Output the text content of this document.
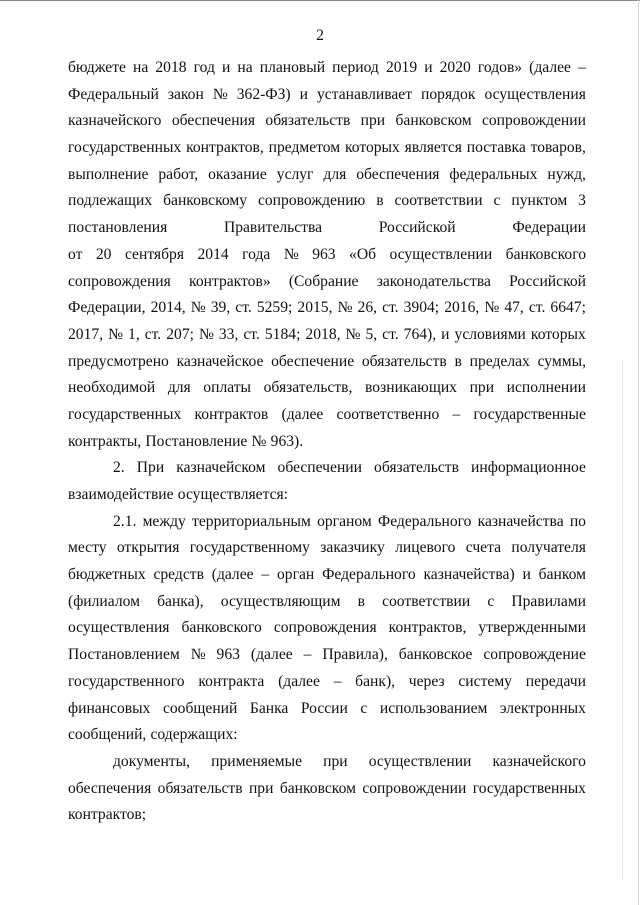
2
бюджете на 2018 год и на плановый период 2019 и 2020 годов» (далее –
Федеральный закон № 362-ФЗ) и устанавливает порядок осуществления
казначейского обеспечения обязательств при банковском сопровождении
государственных контрактов, предметом которых является поставка товаров,
выполнение работ, оказание услуг для обеспечения федеральных нужд,
подлежащих банковскому сопровождению в соответствии с пунктом 3
постановления	Правительства	Российской	Федерации
от 20 сентября 2014 года № 963 «Об осуществлении банковского
сопровождения контрактов» (Собрание законодательства Российской
Федерации, 2014, № 39, ст. 5259; 2015, № 26, ст. 3904; 2016, № 47, ст. 6647;
2017, № 1, ст. 207; № 33, ст. 5184; 2018, № 5, ст. 764), и условиями которых
предусмотрено казначейское обеспечение обязательств в пределах суммы,
необходимой для оплаты обязательств, возникающих при исполнении
государственных контрактов (далее соответственно – государственные
контракты, Постановление № 963).
2. При казначейском обеспечении обязательств информационное
взаимодействие осуществляется:
2.1. между территориальным органом Федерального казначейства по
месту открытия государственному заказчику лицевого счета получателя
бюджетных средств (далее – орган Федерального казначейства) и банком
(филиалом банка), осуществляющим в соответствии с Правилами
осуществления банковского сопровождения контрактов, утвержденными
Постановлением № 963 (далее – Правила), банковское сопровождение
государственного контракта (далее – банк), через систему передачи
финансовых сообщений Банка России с использованием электронных
сообщений, содержащих:
документы, применяемые при осуществлении казначейского
обеспечения обязательств при банковском сопровождении государственных
контрактов;
